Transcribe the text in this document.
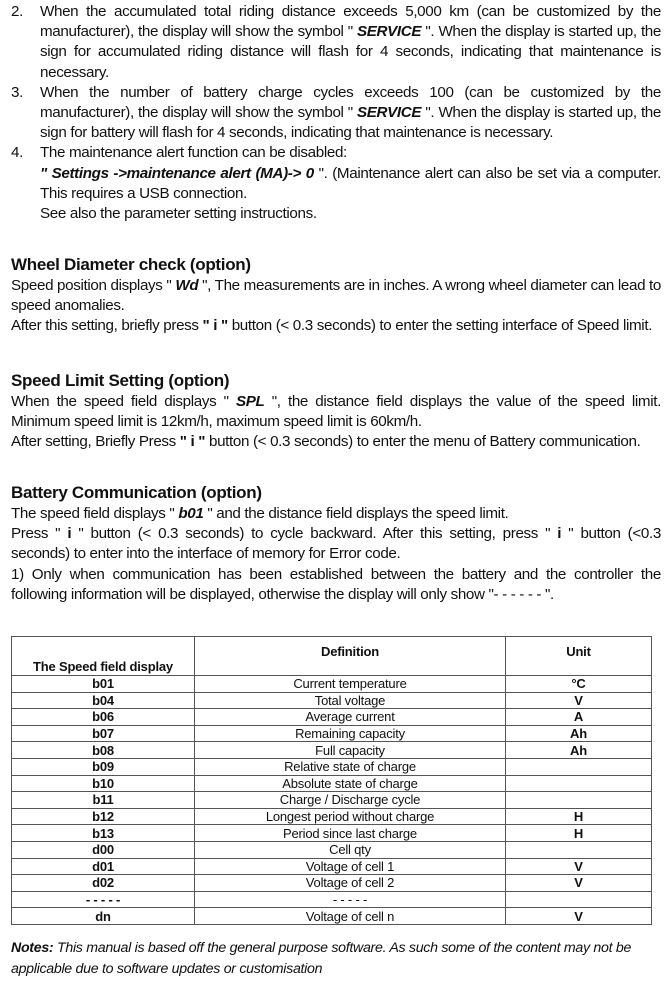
2. When the accumulated total riding distance exceeds 5,000 km (can be customized by the manufacturer), the display will show the symbol " SERVICE ". When the display is started up, the sign for accumulated riding distance will flash for 4 seconds, indicating that maintenance is necessary.
3. When the number of battery charge cycles exceeds 100 (can be customized by the manufacturer), the display will show the symbol " SERVICE ". When the display is started up, the sign for battery will flash for 4 seconds, indicating that maintenance is necessary.
4. The maintenance alert function can be disabled:
" Settings ->maintenance alert (MA)-> 0 ". (Maintenance alert can also be set via a computer. This requires a USB connection.
See also the parameter setting instructions.
Wheel Diameter check (option)

Speed position displays " Wd ", The measurements are in inches. A wrong wheel diameter can lead to speed anomalies.

After this setting, briefly press " i " button (< 0.3 seconds) to enter the setting interface of Speed limit.

Speed Limit Setting (option)

When the speed field displays " SPL ", the distance field displays the value of the speed limit. Minimum speed limit is 12km/h, maximum speed limit is 60km/h.

After setting, Briefly Press " i " button (< 0.3 seconds) to enter the menu of Battery communication.

Battery Communication (option)

The speed field displays " b01 " and the distance field displays the speed limit.

Press " i " button (< 0.3 seconds) to cycle backward. After this setting, press " i " button (<0.3 seconds) to enter into the interface of memory for Error code.

1) Only when communication has been established between the battery and the controller the following information will be displayed, otherwise the display will only show "- - - - - - ".

The Speed field display	Definition	Unit
b01	Current temperature	°C
b04	Total voltage	V
b06	Average current	A
b07	Remaining capacity	Ah
b08	Full capacity	Ah
b09	Relative state of charge	
b10	Absolute state of charge	
b11	Charge / Discharge cycle	
b12	Longest period without charge	H
b13	Period since last charge	H
d00	Cell qty	
d01	Voltage of cell 1	V
d02	Voltage of cell 2	V
- - - - -	- - - - -	
dn	Voltage of cell n	V
Notes: This manual is based off the general purpose software. As such some of the content may not be applicable due to software updates or customisation
